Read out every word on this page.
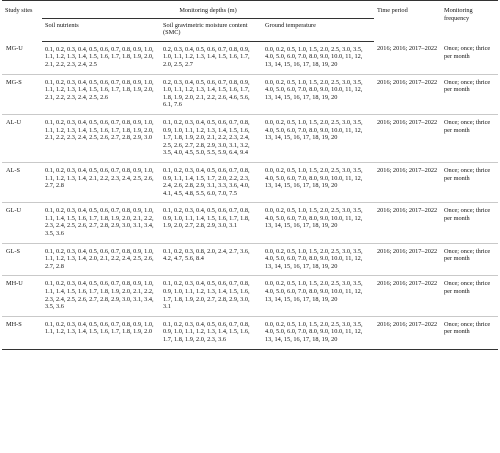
Study sites	Monitoring depths (m)			Time period	Monitoring frequency
	Soil nutrients	Soil gravimetric moisture content (SMC)	Ground temperature		
MG-U	0.1, 0.2, 0.3, 0.4, 0.5, 0.6, 0.7, 0.8, 0.9, 1.0, 1.1, 1.2, 1.3, 1.4, 1.5, 1.6, 1.7, 1.8, 1.9, 2.0, 2.1, 2.2, 2.3, 2.4, 2.5	0.2, 0.3, 0.4, 0.5, 0.6, 0.7, 0.8, 0.9, 1.0, 1.1, 1.2, 1.3, 1.4, 1.5, 1.6, 1.7, 2.0, 2.5, 2.7	0.0, 0.2, 0.5, 1.0, 1.5, 2.0, 2.5, 3.0, 3.5, 4.0, 5.0, 6.0, 7.0, 8.0, 9.0, 10.0, 11, 12, 13, 14, 15, 16, 17, 18, 19, 20	2016; 2016; 2017–2022	Once; once; thrice per month
MG-S	0.1, 0.2, 0.3, 0.4, 0.5, 0.6, 0.7, 0.8, 0.9, 1.0, 1.1, 1.2, 1.3, 1.4, 1.5, 1.6, 1.7, 1.8, 1.9, 2.0, 2.1, 2.2, 2.3, 2.4, 2.5, 2.6	0.2, 0.3, 0.4, 0.5, 0.6, 0.7, 0.8, 0.9, 1.0, 1.1, 1.2, 1.3, 1.4, 1.5, 1.6, 1.7, 1.8, 1.9, 2.0, 2.1, 2.2, 2.6, 4.6, 5.6, 6.1, 7.6	0.0, 0.2, 0.5, 1.0, 1.5, 2.0, 2.5, 3.0, 3.5, 4.0, 5.0, 6.0, 7.0, 8.0, 9.0, 10.0, 11, 12, 13, 14, 15, 16, 17, 18, 19, 20	2016; 2016; 2017–2022	Once; once; thrice per month
AL-U	0.1, 0.2, 0.3, 0.4, 0.5, 0.6, 0.7, 0.8, 0.9, 1.0, 1.1, 1.2, 1.3, 1.4, 1.5, 1.6, 1.7, 1.8, 1.9, 2.0, 2.1, 2.2, 2.3, 2.4, 2.5, 2.6, 2.7, 2.8, 2.9, 3.0	0.1, 0.2, 0.3, 0.4, 0.5, 0.6, 0.7, 0.8, 0.9, 1.0, 1.1, 1.2, 1.3, 1.4, 1.5, 1.6, 1.7, 1.8, 1.9, 2.0, 2.1, 2.2, 2.3, 2.4, 2.5, 2.6, 2.7, 2.8, 2.9, 3.0, 3.1, 3.2, 3.5, 4.0, 4.5, 5.0, 5.5, 5.9, 6.4, 9.4	0.0, 0.2, 0.5, 1.0, 1.5, 2.0, 2.5, 3.0, 3.5, 4.0, 5.0, 6.0, 7.0, 8.0, 9.0, 10.0, 11, 12, 13, 14, 15, 16, 17, 18, 19, 20	2016; 2016; 2017–2022	Once; once; thrice per month
AL-S	0.1, 0.2, 0.3, 0.4, 0.5, 0.6, 0.7, 0.8, 0.9, 1.0, 1.1, 1.2, 1.3, 1.4, 2.1, 2.2, 2.3, 2.4, 2.5, 2.6, 2.7, 2.8	0.1, 0.2, 0.3, 0.4, 0.5, 0.6, 0.7, 0.8, 0.9, 1.1, 1.4, 1.5, 1.7, 2.0, 2.2, 2.3, 2.4, 2.6, 2.8, 2.9, 3.1, 3.3, 3.6, 4.0, 4.1, 4.5, 4.8, 5.5, 6.0, 7.0, 7.5	0.0, 0.2, 0.5, 1.0, 1.5, 2.0, 2.5, 3.0, 3.5, 4.0, 5.0, 6.0, 7.0, 8.0, 9.0, 10.0, 11, 12, 13, 14, 15, 16, 17, 18, 19, 20	2016; 2016; 2017–2022	Once; once; thrice per month
GL-U	0.1, 0.2, 0.3, 0.4, 0.5, 0.6, 0.7, 0.8, 0.9, 1.0, 1.1, 1.4, 1.5, 1.6, 1.7, 1.8, 1.9, 2.0, 2.1, 2.2, 2.3, 2.4, 2.5, 2.6, 2.7, 2.8, 2.9, 3.0, 3.1, 3.4, 3.5, 3.6	0.1, 0.2, 0.3, 0.4, 0.5, 0.6, 0.7, 0.8, 0.9, 1.0, 1.1, 1.4, 1.5, 1.6, 1.7, 1.8, 1.9, 2.0, 2.7, 2.8, 2.9, 3.0, 3.1	0.0, 0.2, 0.5, 1.0, 1.5, 2.0, 2.5, 3.0, 3.5, 4.0, 5.0, 6.0, 7.0, 8.0, 9.0, 10.0, 11, 12, 13, 14, 15, 16, 17, 18, 19, 20	2016; 2016; 2017–2022	Once; once; thrice per month
GL-S	0.1, 0.2, 0.3, 0.4, 0.5, 0.6, 0.7, 0.8, 0.9, 1.0, 1.1, 1.2, 1.3, 1.4, 2.0, 2.1, 2.2, 2.4, 2.5, 2.6, 2.7, 2.8	0.1, 0.2, 0.3, 0.8, 2.0, 2.4, 2.7, 3.6, 4.2, 4.7, 5.6, 8.4	0.0, 0.2, 0.5, 1.0, 1.5, 2.0, 2.5, 3.0, 3.5, 4.0, 5.0, 6.0, 7.0, 8.0, 9.0, 10.0, 11, 12, 13, 14, 15, 16, 17, 18, 19, 20	2016; 2016; 2017–2022	Once; once; thrice per month
MH-U	0.1, 0.2, 0.3, 0.4, 0.5, 0.6, 0.7, 0.8, 0.9, 1.0, 1.1, 1.4, 1.5, 1.6, 1.7, 1.8, 1.9, 2.0, 2.1, 2.2, 2.3, 2.4, 2.5, 2.6, 2.7, 2.8, 2.9, 3.0, 3.1, 3.4, 3.5, 3.6	0.1, 0.2, 0.3, 0.4, 0.5, 0.6, 0.7, 0.8, 0.9, 1.0, 1.1, 1.2, 1.3, 1.4, 1.5, 1.6, 1.7, 1.8, 1.9, 2.0, 2.7, 2.8, 2.9, 3.0, 3.1	0.0, 0.2, 0.5, 1.0, 1.5, 2.0, 2.5, 3.0, 3.5, 4.0, 5.0, 6.0, 7.0, 8.0, 9.0, 10.0, 11, 12, 13, 14, 15, 16, 17, 18, 19, 20	2016; 2016; 2017–2022	Once; once; thrice per month
MH-S	0.1, 0.2, 0.3, 0.4, 0.5, 0.6, 0.7, 0.8, 0.9, 1.0, 1.1, 1.2, 1.3, 1.4, 1.5, 1.6, 1.7, 1.8, 1.9, 2.0	0.1, 0.2, 0.3, 0.4, 0.5, 0.6, 0.7, 0.8, 0.9, 1.0, 1.1, 1.2, 1.3, 1.4, 1.5, 1.6, 1.7, 1.8, 1.9, 2.0, 2.3, 3.6	0.0, 0.2, 0.5, 1.0, 1.5, 2.0, 2.5, 3.0, 3.5, 4.0, 5.0, 6.0, 7.0, 8.0, 9.0, 10.0, 11, 12, 13, 14, 15, 16, 17, 18, 19, 20	2016; 2016; 2017–2022	Once; once; thrice per month
